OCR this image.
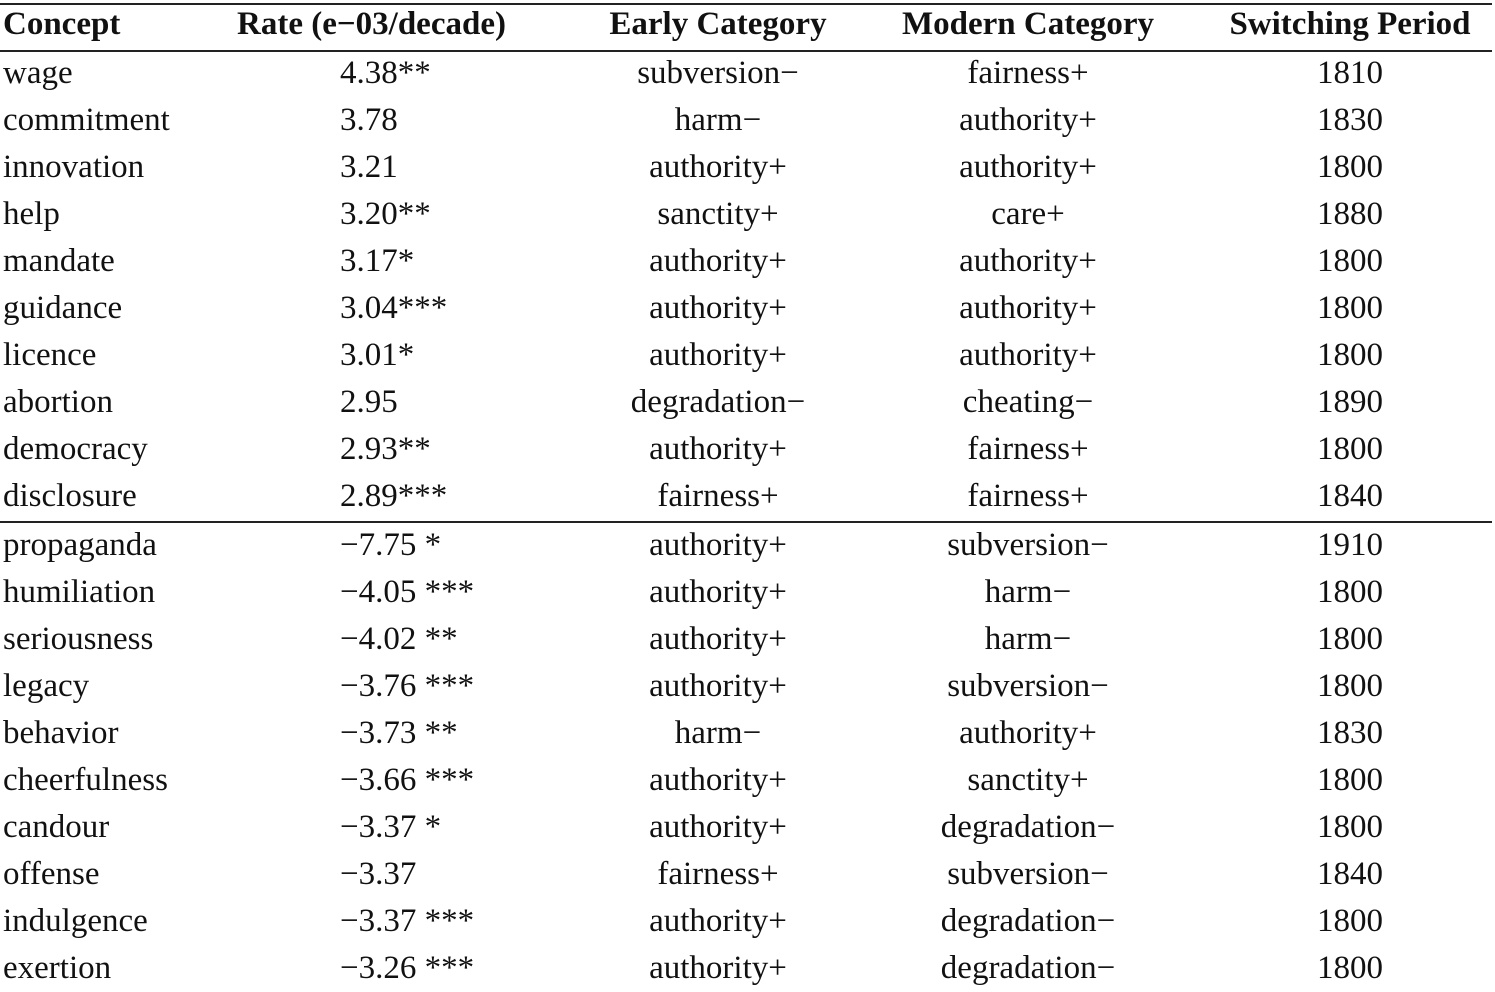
Concept	Rate (e−03/decade)	Early Category	Modern Category	Switching Period
wage	4.38**	subversion−	fairness+	1810
commitment	3.78	harm−	authority+	1830
innovation	3.21	authority+	authority+	1800
help	3.20**	sanctity+	care+	1880
mandate	3.17*	authority+	authority+	1800
guidance	3.04***	authority+	authority+	1800
licence	3.01*	authority+	authority+	1800
abortion	2.95	degradation−	cheating−	1890
democracy	2.93**	authority+	fairness+	1800
disclosure	2.89***	fairness+	fairness+	1840
propaganda	−7.75 *	authority+	subversion−	1910
humiliation	−4.05 ***	authority+	harm−	1800
seriousness	−4.02 **	authority+	harm−	1800
legacy	−3.76 ***	authority+	subversion−	1800
behavior	−3.73 **	harm−	authority+	1830
cheerfulness	−3.66 ***	authority+	sanctity+	1800
candour	−3.37 *	authority+	degradation−	1800
offense	−3.37	fairness+	subversion−	1840
indulgence	−3.37 ***	authority+	degradation−	1800
exertion	−3.26 ***	authority+	degradation−	1800
